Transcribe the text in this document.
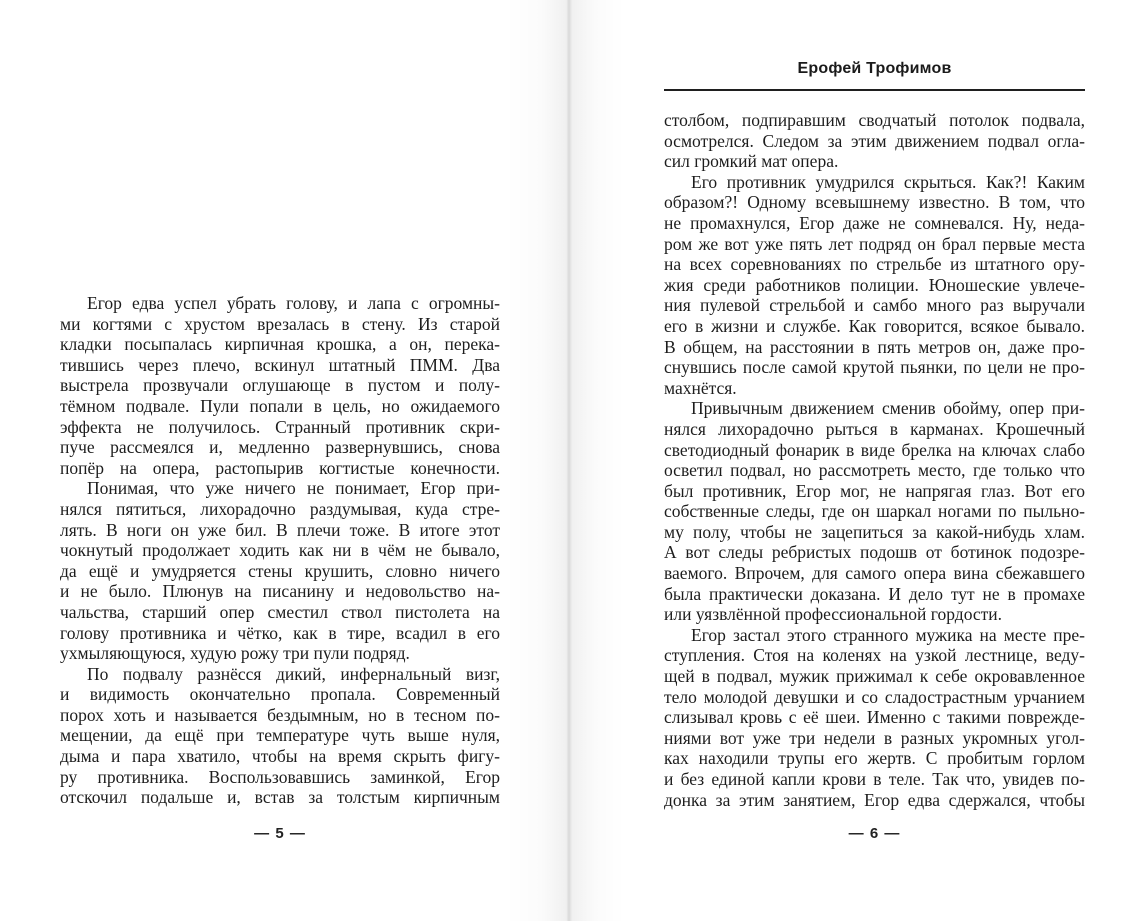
Ерофей Трофимов
Егор едва успел убрать голову, и лапа с огромны-
ми когтями с хрустом врезалась в стену. Из старой
кладки посыпалась кирпичная крошка, а он, перека-
тившись через плечо, вскинул штатный ПММ. Два
выстрела прозвучали оглушающе в пустом и полу-
тёмном подвале. Пули попали в цель, но ожидаемого
эффекта не получилось. Странный противник скри-
пуче рассмеялся и, медленно развернувшись, снова
попёр на опера, растопырив когтистые конечности.
Понимая, что уже ничего не понимает, Егор при-
нялся пятиться, лихорадочно раздумывая, куда стре-
лять. В ноги он уже бил. В плечи тоже. В итоге этот
чокнутый продолжает ходить как ни в чём не бывало,
да ещё и умудряется стены крушить, словно ничего
и не было. Плюнув на писанину и недовольство на-
чальства, старший опер сместил ствол пистолета на
голову противника и чётко, как в тире, всадил в его
ухмыляющуюся, худую рожу три пули подряд.
По подвалу разнёсся дикий, инфернальный визг,
и видимость окончательно пропала. Современный
порох хоть и называется бездымным, но в тесном по-
мещении, да ещё при температуре чуть выше нуля,
дыма и пара хватило, чтобы на время скрыть фигу-
ру противника. Воспользовавшись заминкой, Егор
отскочил подальше и, встав за толстым кирпичным
столбом, подпиравшим сводчатый потолок подвала,
осмотрелся. Следом за этим движением подвал огла-
сил громкий мат опера.
Его противник умудрился скрыться. Как?! Каким
образом?! Одному всевышнему известно. В том, что
не промахнулся, Егор даже не сомневался. Ну, неда-
ром же вот уже пять лет подряд он брал первые места
на всех соревнованиях по стрельбе из штатного ору-
жия среди работников полиции. Юношеские увлече-
ния пулевой стрельбой и самбо много раз выручали
его в жизни и службе. Как говорится, всякое бывало.
В общем, на расстоянии в пять метров он, даже про-
снувшись после самой крутой пьянки, по цели не про-
махнётся.
Привычным движением сменив обойму, опер при-
нялся лихорадочно рыться в карманах. Крошечный
светодиодный фонарик в виде брелка на ключах слабо
осветил подвал, но рассмотреть место, где только что
был противник, Егор мог, не напрягая глаз. Вот его
собственные следы, где он шаркал ногами по пыльно-
му полу, чтобы не зацепиться за какой-нибудь хлам.
А вот следы ребристых подошв от ботинок подозре-
ваемого. Впрочем, для самого опера вина сбежавшего
была практически доказана. И дело тут не в промахе
или уязвлённой профессиональной гордости.
Егор застал этого странного мужика на месте пре-
ступления. Стоя на коленях на узкой лестнице, веду-
щей в подвал, мужик прижимал к себе окровавленное
тело молодой девушки и со сладострастным урчанием
слизывал кровь с её шеи. Именно с такими поврежде-
ниями вот уже три недели в разных укромных угол-
ках находили трупы его жертв. С пробитым горлом
и без единой капли крови в теле. Так что, увидев по-
донка за этим занятием, Егор едва сдержался, чтобы
— 5 —	— 6 —
